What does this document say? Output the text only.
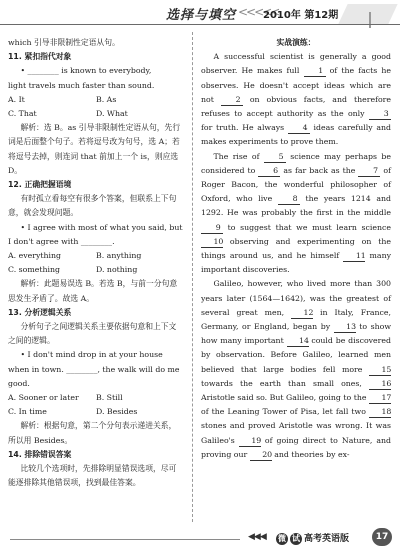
选择与填空 <<<<<
2010年 第12期

which 引导非限制性定语从句。

11. 紧扣指代对象

• ________ is known to everybody,

light travels much faster than sound.

A. It	B. As
C. That	D. What

解析：选 B。as 引导非限制性定语从句，先行词是后面整个句子。若将逗号改为句号，选 A；若将逗号去掉，则连词 that 前加上一个 is，则应选 D。

12. 正确把握语境

有时孤立看每空有很多个答案，但联系上下句意，就会发现问题。

• I agree with most of what you said, but I don't agree with ________.

A. everything	B. anything
C. something	D. nothing

解析：此题易误选 B。若选 B，与前一分句意思发生矛盾了。故选 A。

13. 分析逻辑关系

分析句子之间逻辑关系主要依据句意和上下文之间的逻辑。

• I don't mind drop in at your house when in town. ________, the walk will do me good.

A. Sooner or later	B. Still
C. In time	D. Besides

解析：根据句意，第二个分句表示递进关系，所以用 Besides。

14. 排除错误答案

比较几个选项时，先排除明显错误选项，尽可能逐排除其他错误项，找到最佳答案。

实战演练：

A successful scientist is generally a good observer. He makes full 1 of the facts he observes. He doesn't accept ideas which are not	2 on obvious facts, and therefore refuses to accept authority as the only 3 for truth. He always 4 ideas carefully and makes experiments to prove them.

The rise of 5 science may perhaps be considered to 6 as far back as the 7 of Roger Bacon, the wonderful philosopher of Oxford, who live	8 the years 1214 and 1292. He was probably the first in the middle 9 to suggest that we must learn science 10 observing and experimenting on the things around us, and he himself 11 many important discoveries.

Galileo, however, who lived more than 300 years later (1564—1642), was the greatest of several great men, 12 in Italy, France, Germany, or England, began by 13 to show how many important 14 could be discovered by observation. Before Galileo, learned men believed that large bodies fell more 15 towards the earth than small ones,	16 Aristotle said so. But Galileo, going to the 17 of the Leaning Tower of Pisa, let fall two 18 stones and proved Aristotle was wrong. It was Galileo's 19 of going direct to Nature, and proving our 20 and theories by ex-

◀◀◀ 微 试 高考英语版	17
